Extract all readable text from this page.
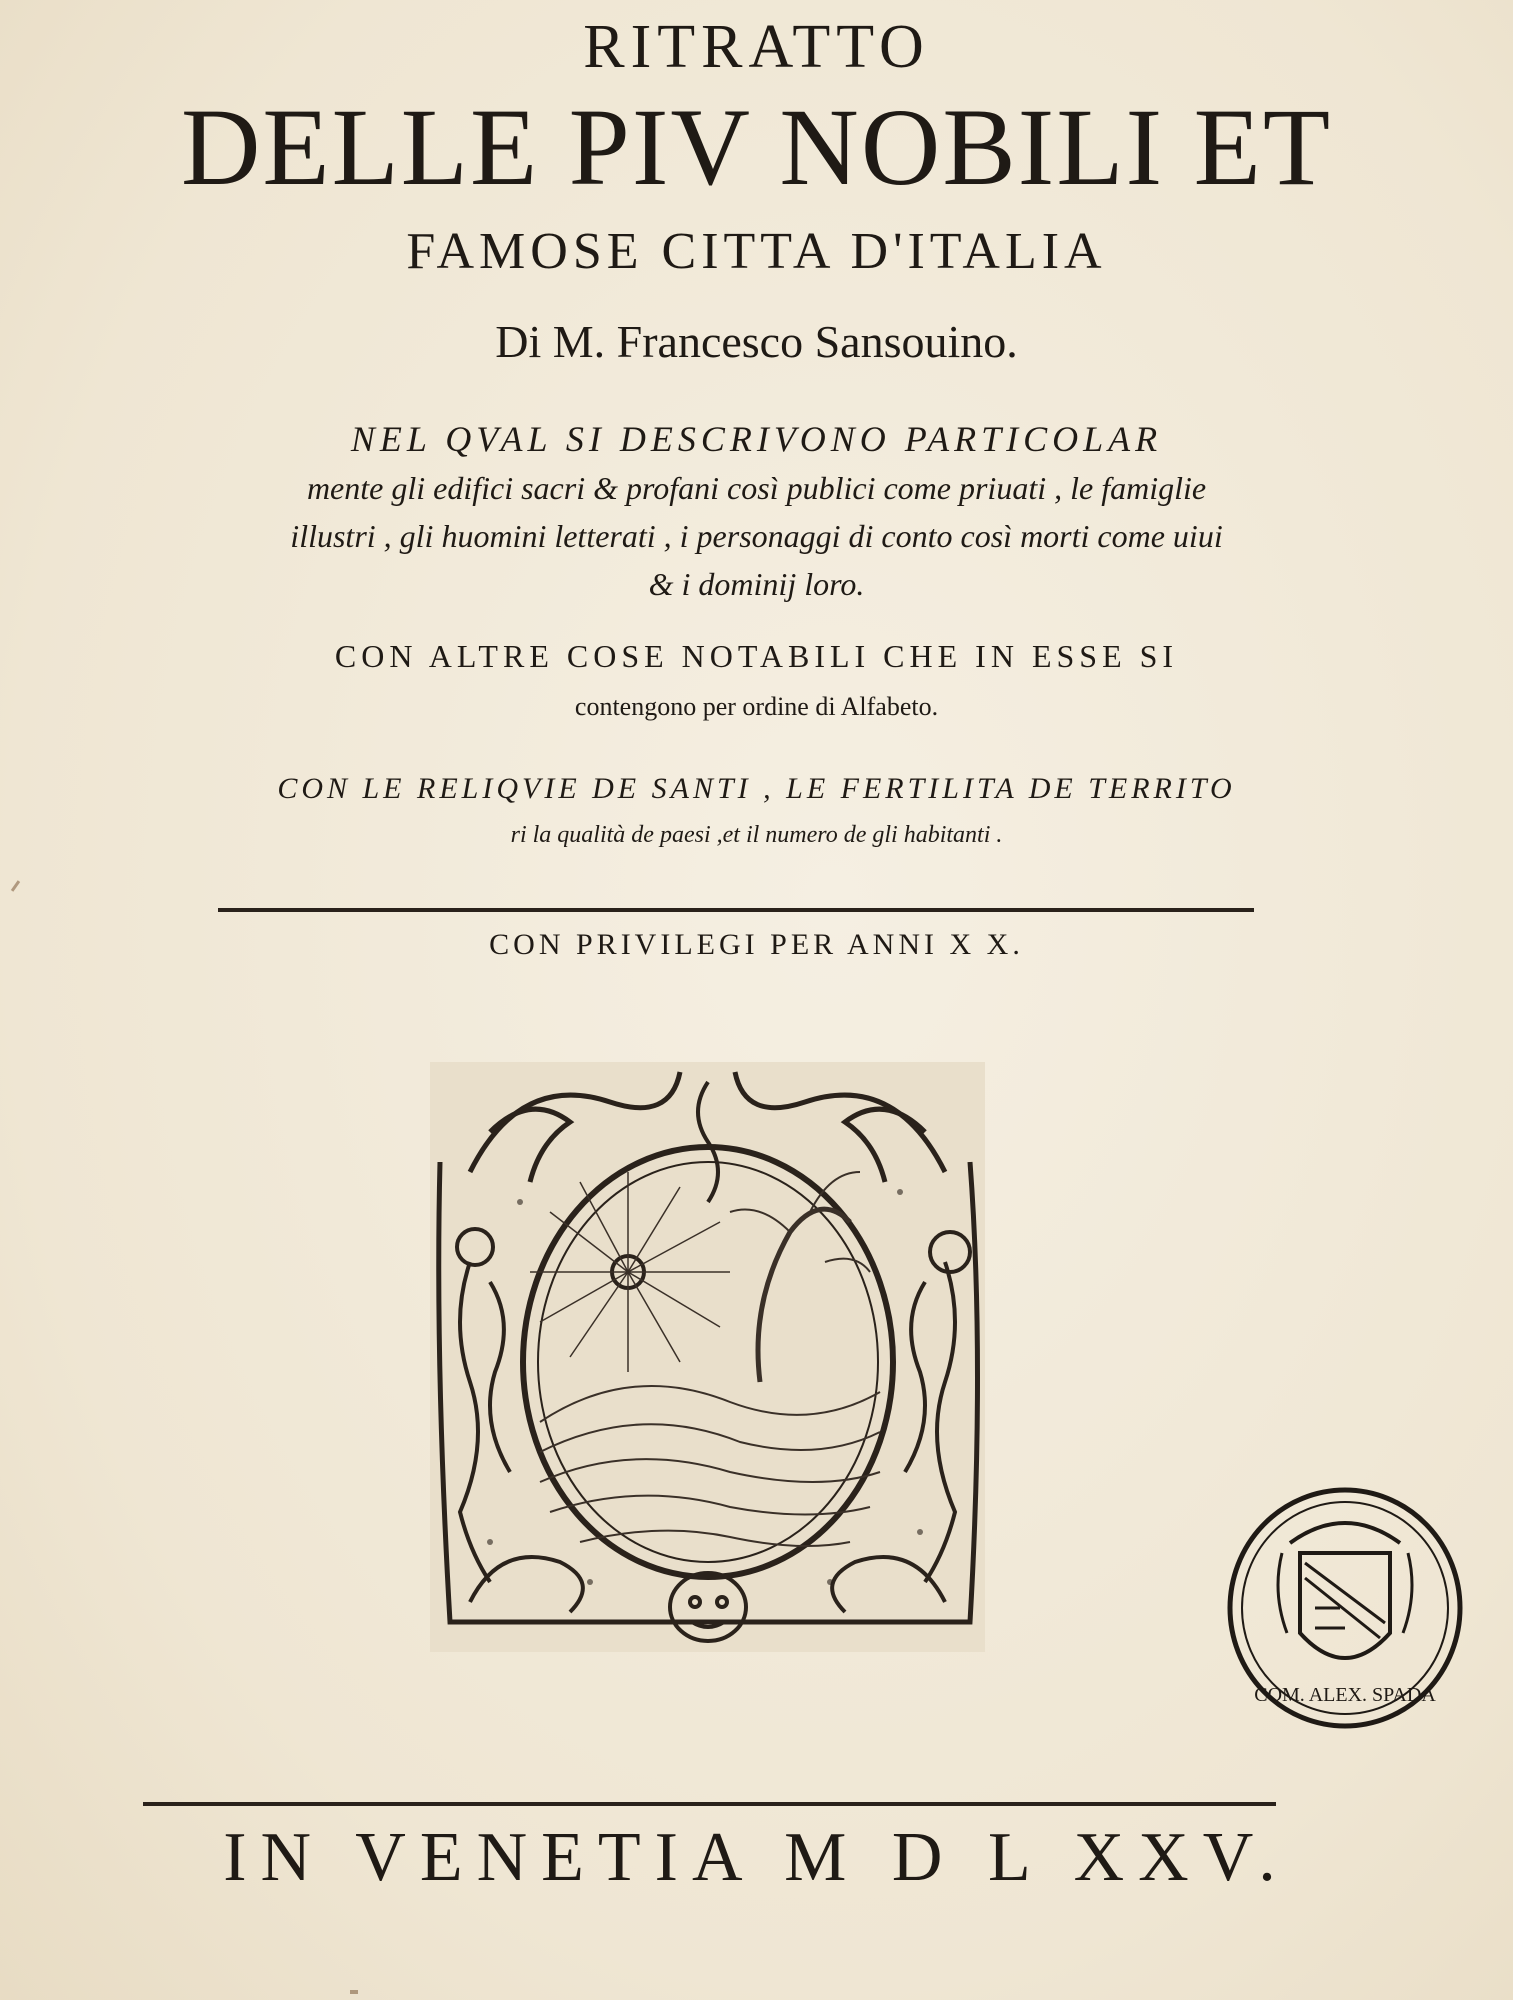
RITRATTO
DELLE PIV NOBILI ET
FAMOSE CITTA D'ITALIA
Di M. Francesco Sansouino.
NEL QVAL SI DESCRIVONO PARTICOLAR
mente gli edifici sacri & profani così publici come priuati , le famiglie
illustri , gli huomini letterati , i personaggi di conto così morti come uiui
& i dominij loro.
CON ALTRE COSE NOTABILI CHE IN ESSE SI
contengono per ordine di Alfabeto.
CON LE RELIQVIE DE SANTI , LE FERTILITA DE TERRITO
ri la qualità de paesi ,et il numero de gli habitanti .
CON PRIVILEGI PER ANNI X X.
COM. ALEX. SPADA
IN VENETIA M D L XXV.
